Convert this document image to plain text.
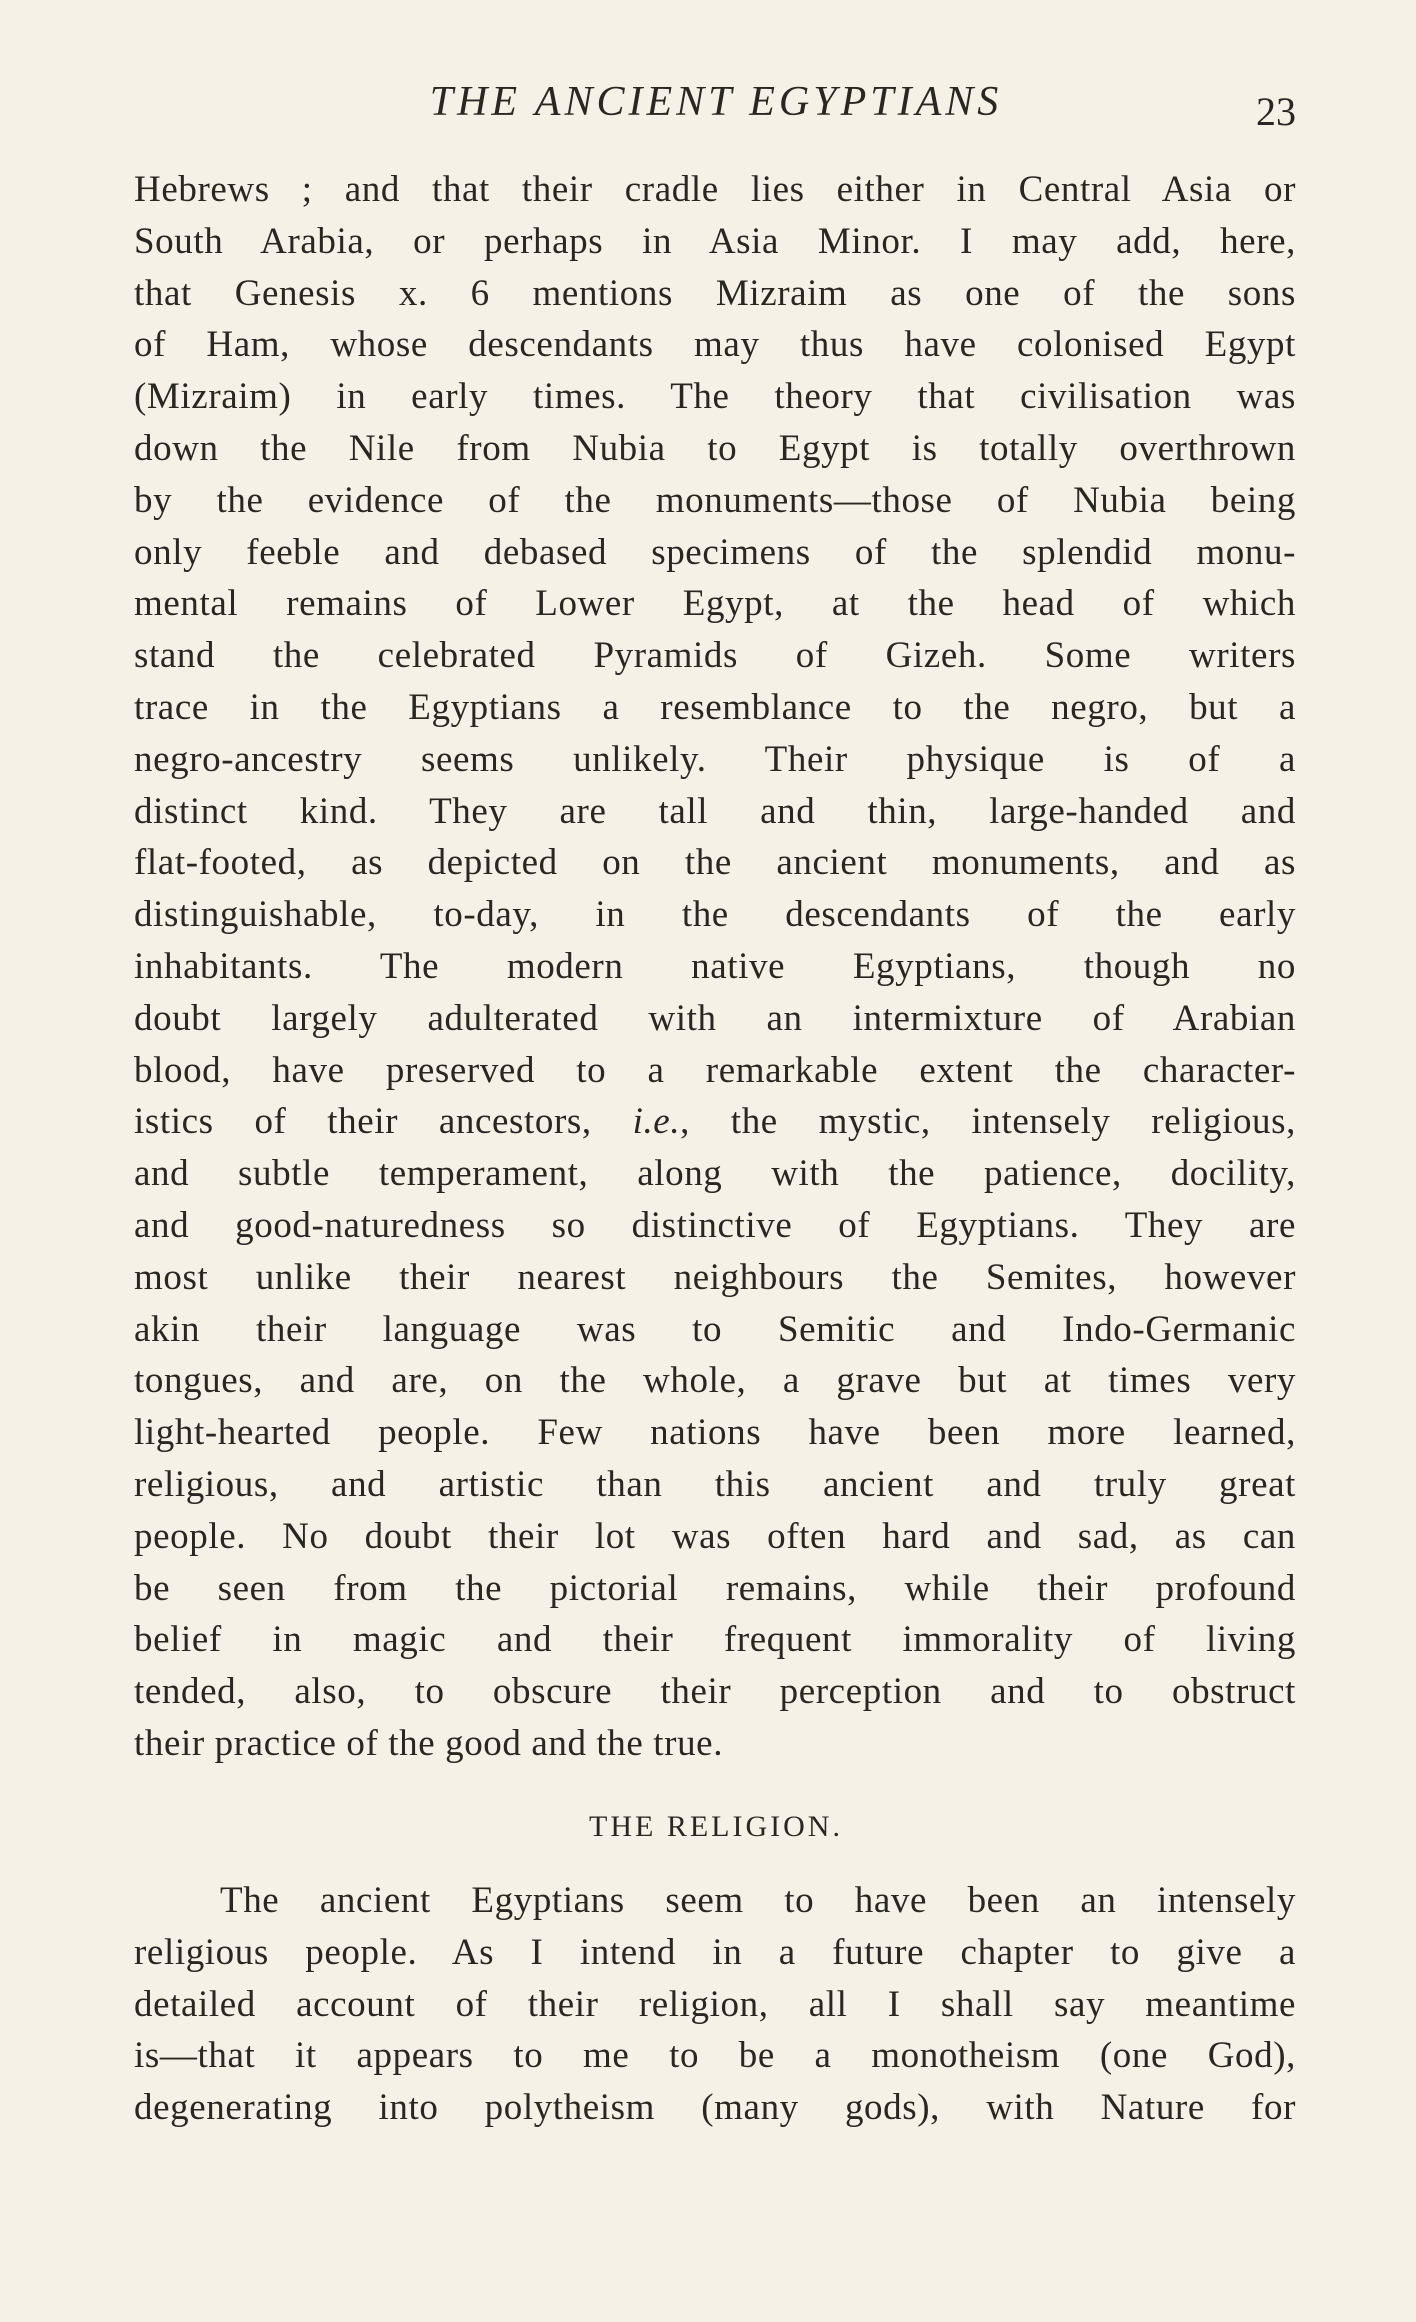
THE ANCIENT EGYPTIANS	23
Hebrews ; and that their cradle lies either in Central Asia or
South Arabia, or perhaps in Asia Minor. I may add, here,
that Genesis x. 6 mentions Mizraim as one of the sons
of Ham, whose descendants may thus have colonised Egypt
(Mizraim) in early times. The theory that civilisation was
down the Nile from Nubia to Egypt is totally overthrown
by the evidence of the monuments—those of Nubia being
only feeble and debased specimens of the splendid monu-
mental remains of Lower Egypt, at the head of which
stand the celebrated Pyramids of Gizeh. Some writers
trace in the Egyptians a resemblance to the negro, but a
negro-ancestry seems unlikely. Their physique is of a
distinct kind. They are tall and thin, large-handed and
flat-footed, as depicted on the ancient monuments, and as
distinguishable, to-day, in the descendants of the early
inhabitants. The modern native Egyptians, though no
doubt largely adulterated with an intermixture of Arabian
blood, have preserved to a remarkable extent the character-
istics of their ancestors, i.e., the mystic, intensely religious,
and subtle temperament, along with the patience, docility,
and good-naturedness so distinctive of Egyptians. They are
most unlike their nearest neighbours the Semites, however
akin their language was to Semitic and Indo-Germanic
tongues, and are, on the whole, a grave but at times very
light-hearted people. Few nations have been more learned,
religious, and artistic than this ancient and truly great
people. No doubt their lot was often hard and sad, as can
be seen from the pictorial remains, while their profound
belief in magic and their frequent immorality of living
tended, also, to obscure their perception and to obstruct
their practice of the good and the true.
THE RELIGION.
The ancient Egyptians seem to have been an intensely
religious people. As I intend in a future chapter to give a
detailed account of their religion, all I shall say meantime
is—that it appears to me to be a monotheism (one God),
degenerating into polytheism (many gods), with Nature for
